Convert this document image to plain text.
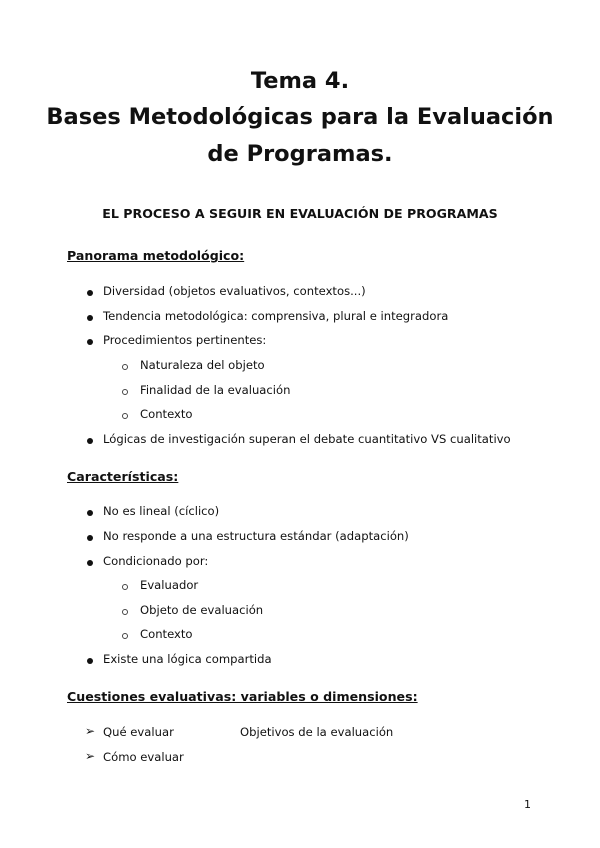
Tema 4.
Bases Metodológicas para la Evaluación
de Programas.
EL PROCESO A SEGUIR EN EVALUACIÓN DE PROGRAMAS
Panorama metodológico:
Diversidad (objetos evaluativos, contextos...)
Tendencia metodológica: comprensiva, plural e integradora
Procedimientos pertinentes:
Naturaleza del objeto
Finalidad de la evaluación
Contexto
Lógicas de investigación superan el debate cuantitativo VS cualitativo
Características:
No es lineal (cíclico)
No responde a una estructura estándar (adaptación)
Condicionado por:
Evaluador
Objeto de evaluación
Contexto
Existe una lógica compartida
Cuestiones evaluativas: variables o dimensiones:
➢ Qué evaluar	Objetivos de la evaluación
➢ Cómo evaluar
1
